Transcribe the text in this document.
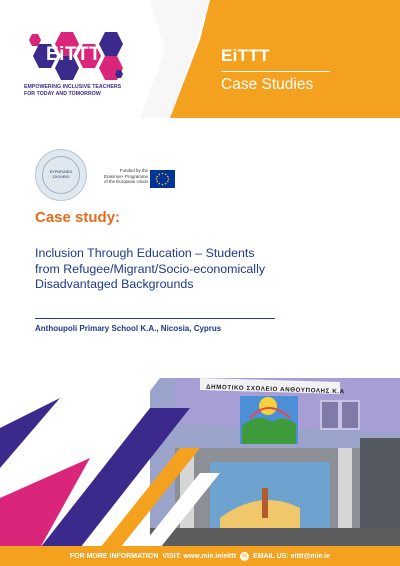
EiTTT
Case Studies
EiTTT
EMPOWERING INCLUSIVE TEACHERS
FOR TODAY AND TOMORROW
ΕΥΡΩΠΑΪΚΟ
ΣΧΟΛΕΙΟ
Funded by the
Erasmus+ Programme
of the European Union
Case study:
Inclusion Through Education – Students
from Refugee/Migrant/Socio-economically
Disadvantaged Backgrounds
Anthoupoli Primary School K.A., Nicosia, Cyprus
ΔΗΜΟΤΙΚΟ ΣΧΟΛΕΙΟ ΑΝΘΟΥΠΟΛΗΣ Κ.Α
FOR MORE INFORMATION VISIT: www.mie.ie/eittt ✉ EMAIL US: eittt@mie.ie
